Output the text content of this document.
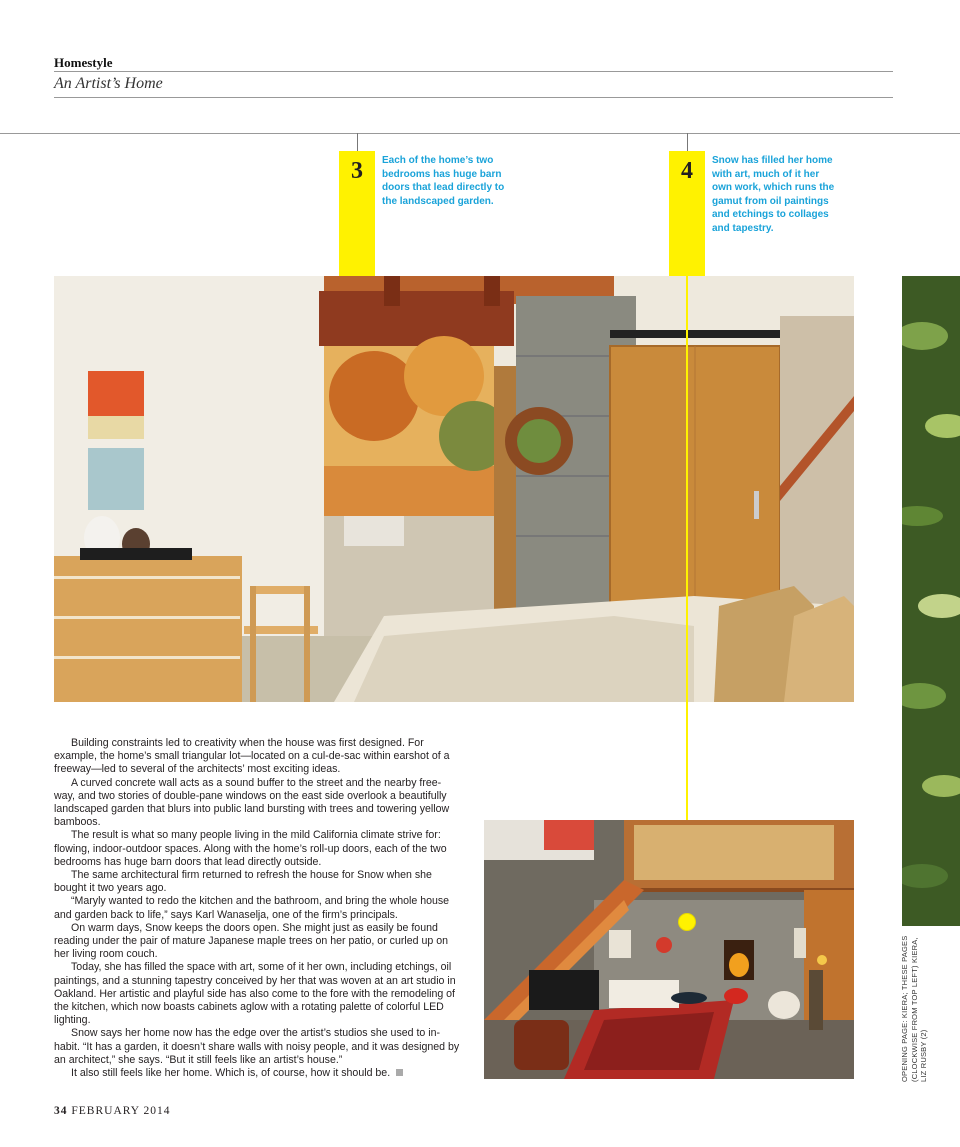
Homestyle
An Artist’s Home
3	Each of the home’s two bedrooms has huge barn doors that lead directly to the landscaped garden.
4	Snow has filled her home with art, much of it her own work, which runs the gamut from oil paintings and etchings to collages and tapestry.

Building constraints led to creativity when the house was first designed. For example, the home’s small triangular lot—located on a cul-de-sac within earshot of a freeway—led to several of the architects’ most exciting ideas.

A curved concrete wall acts as a sound buffer to the street and the nearby free-way, and two stories of double-pane windows on the east side overlook a beautifully landscaped garden that blurs into public land bursting with trees and towering yellow bamboos.

The result is what so many people living in the mild California climate strive for: flowing, indoor-outdoor spaces. Along with the home’s roll-up doors, each of the two bedrooms has huge barn doors that lead directly outside.

The same architectural firm returned to refresh the house for Snow when she bought it two years ago.

“Maryly wanted to redo the kitchen and the bathroom, and bring the whole house and garden back to life,” says Karl Wanaselja, one of the firm’s principals.

On warm days, Snow keeps the doors open. She might just as easily be found reading under the pair of mature Japanese maple trees on her patio, or curled up on her living room couch.

Today, she has filled the space with art, some of it her own, including etchings, oil paintings, and a stunning tapestry conceived by her that was woven at an art studio in Oakland. Her artistic and playful side has also come to the fore with the remodeling of the kitchen, which now boasts cabinets aglow with a rotating palette of colorful LED lighting.

Snow says her home now has the edge over the artist’s studios she used to in-habit. “It has a garden, it doesn’t share walls with noisy people, and it was designed by an architect,” she says. “But it still feels like an artist’s house.”

It also still feels like her home. Which is, of course, how it should be.	OPENING PAGE: KIERA; THESE PAGES (CLOCKWISE FROM TOP LEFT) KIERA, LIZ RUSBY (2)
34 FEBRUARY 2014
